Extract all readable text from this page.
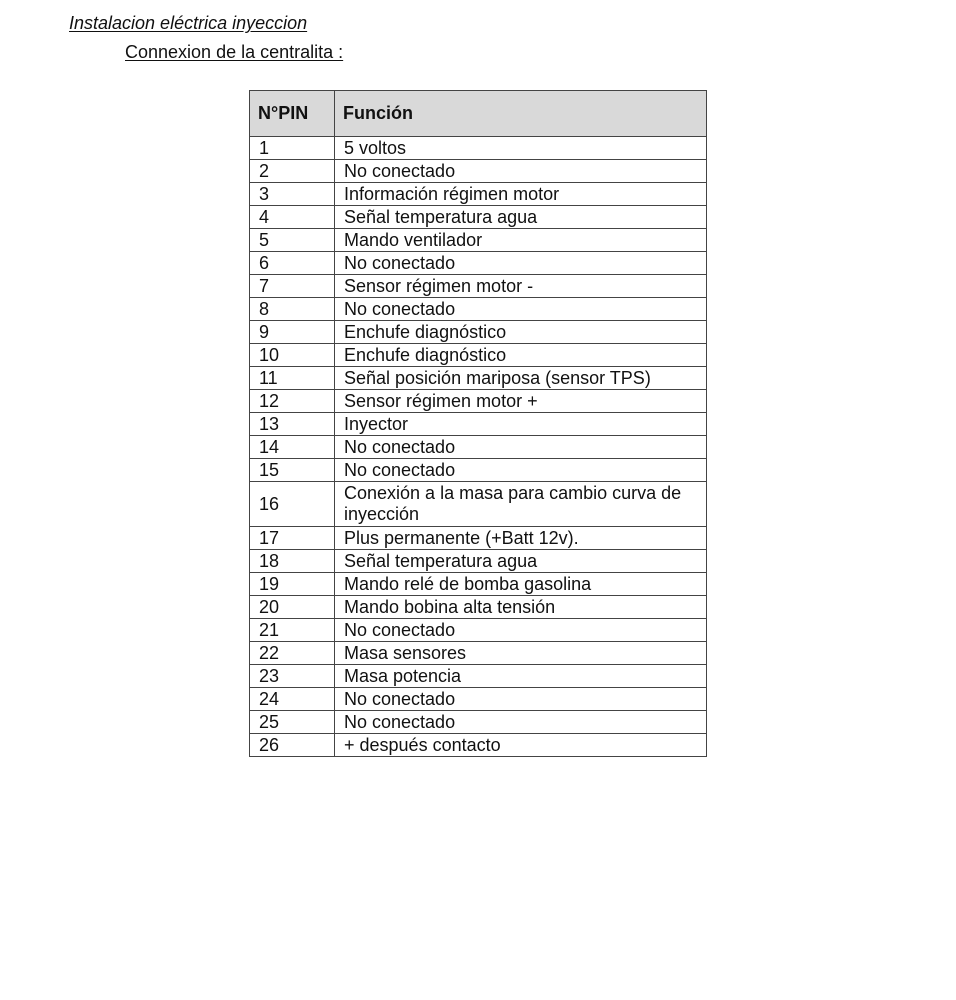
Instalacion eléctrica inyeccion
Connexion de la centralita :
N°PIN	Función
1	5 voltos
2	No conectado
3	Información régimen motor
4	Señal temperatura agua
5	Mando ventilador
6	No conectado
7	Sensor régimen motor -
8	No conectado
9	Enchufe diagnóstico
10	Enchufe diagnóstico
11	Señal posición mariposa (sensor TPS)
12	Sensor régimen motor +
13	Inyector
14	No conectado
15	No conectado
16	Conexión a la masa para cambio curva de inyección
17	Plus permanente (+Batt 12v).
18	Señal temperatura agua
19	Mando relé de bomba gasolina
20	Mando bobina alta tensión
21	No conectado
22	Masa sensores
23	Masa potencia
24	No conectado
25	No conectado
26	+ después contacto
